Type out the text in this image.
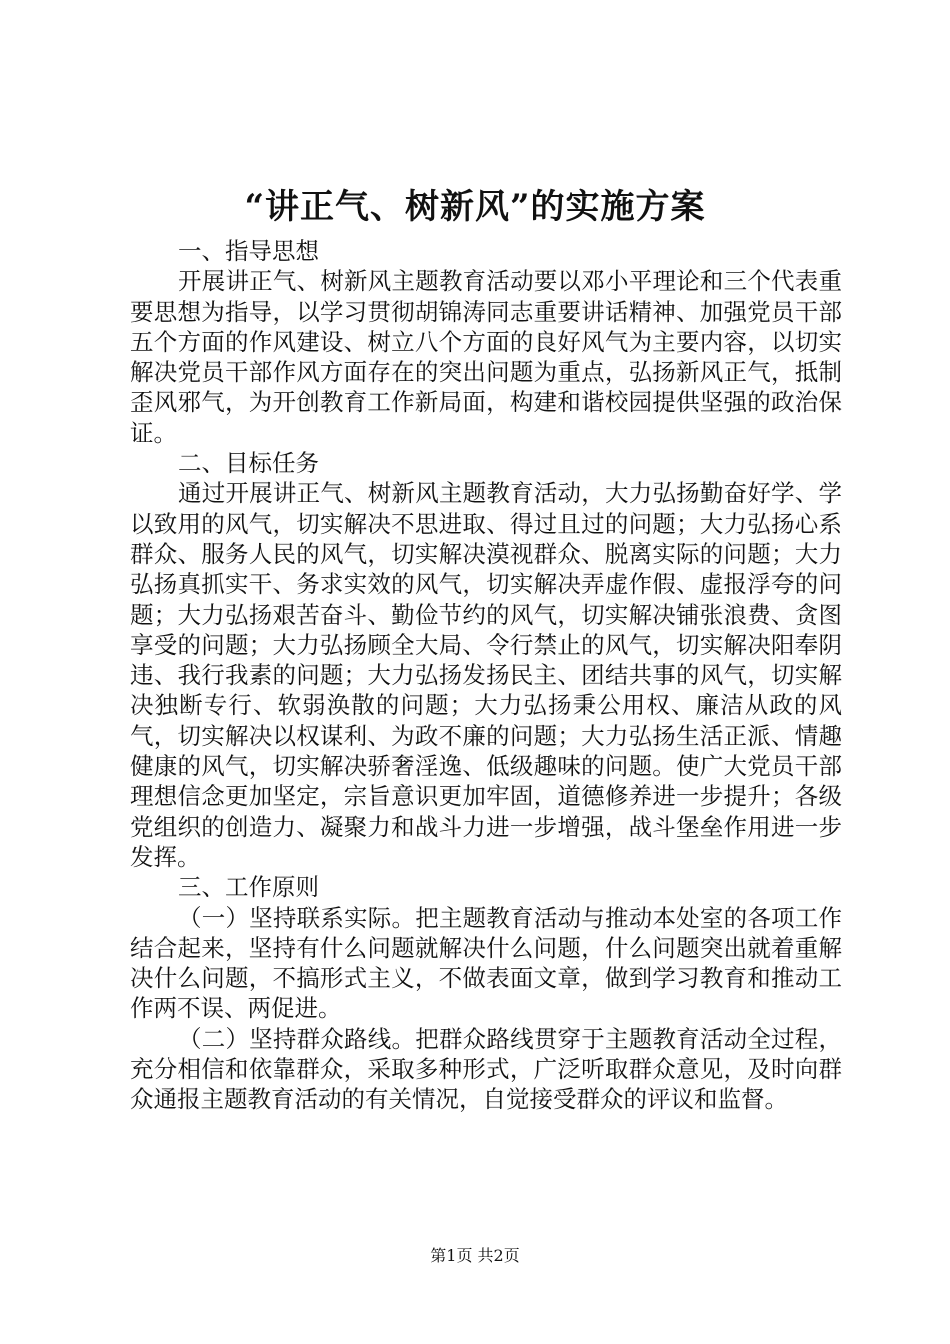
“讲正气、树新风”的实施方案

一、指导思想

开展讲正气、树新风主题教育活动要以邓小平理论和三个代表重要思想为指导，以学习贯彻胡锦涛同志重要讲话精神、加强党员干部五个方面的作风建设、树立八个方面的良好风气为主要内容，以切实解决党员干部作风方面存在的突出问题为重点，弘扬新风正气，抵制歪风邪气，为开创教育工作新局面，构建和谐校园提供坚强的政治保证。

二、目标任务

通过开展讲正气、树新风主题教育活动，大力弘扬勤奋好学、学以致用的风气，切实解决不思进取、得过且过的问题；大力弘扬心系群众、服务人民的风气，切实解决漠视群众、脱离实际的问题；大力弘扬真抓实干、务求实效的风气，切实解决弄虚作假、虚报浮夸的问题；大力弘扬艰苦奋斗、勤俭节约的风气，切实解决铺张浪费、贪图享受的问题；大力弘扬顾全大局、令行禁止的风气，切实解决阳奉阴违、我行我素的问题；大力弘扬发扬民主、团结共事的风气，切实解决独断专行、软弱涣散的问题；大力弘扬秉公用权、廉洁从政的风气，切实解决以权谋利、为政不廉的问题；大力弘扬生活正派、情趣健康的风气，切实解决骄奢淫逸、低级趣味的问题。使广大党员干部理想信念更加坚定，宗旨意识更加牢固，道德修养进一步提升；各级党组织的创造力、凝聚力和战斗力进一步增强，战斗堡垒作用进一步发挥。

三、工作原则

（一）坚持联系实际。把主题教育活动与推动本处室的各项工作结合起来，坚持有什么问题就解决什么问题，什么问题突出就着重解决什么问题，不搞形式主义，不做表面文章，做到学习教育和推动工作两不误、两促进。

（二）坚持群众路线。把群众路线贯穿于主题教育活动全过程，充分相信和依靠群众，采取多种形式，广泛听取群众意见，及时向群众通报主题教育活动的有关情况，自觉接受群众的评议和监督。

第1页 共2页
